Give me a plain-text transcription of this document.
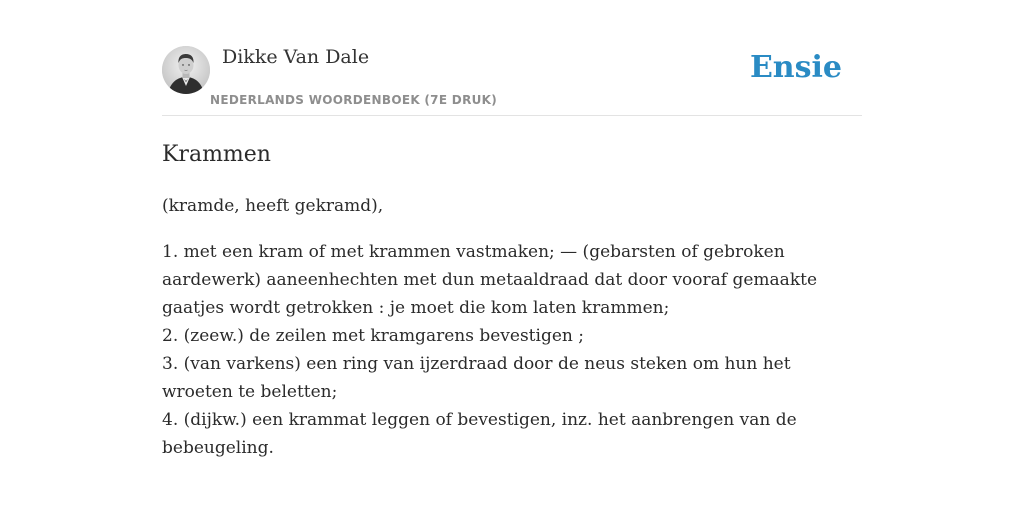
Dikke Van Dale
NEDERLANDS WOORDENBOEK (7E DRUK)
Ensie
Krammen

(kramde, heeft gekramd),

1. met een kram of met krammen vastmaken; — (gebarsten of gebroken aardewerk) aaneenhechten met dun metaaldraad dat door vooraf gemaakte gaatjes wordt getrokken : je moet die kom laten krammen;
2. (zeew.) de zeilen met kramgarens bevestigen ;
3. (van varkens) een ring van ijzerdraad door de neus steken om hun het wroeten te beletten;
4. (dijkw.) een krammat leggen of bevestigen, inz. het aanbrengen van de bebeugeling.
